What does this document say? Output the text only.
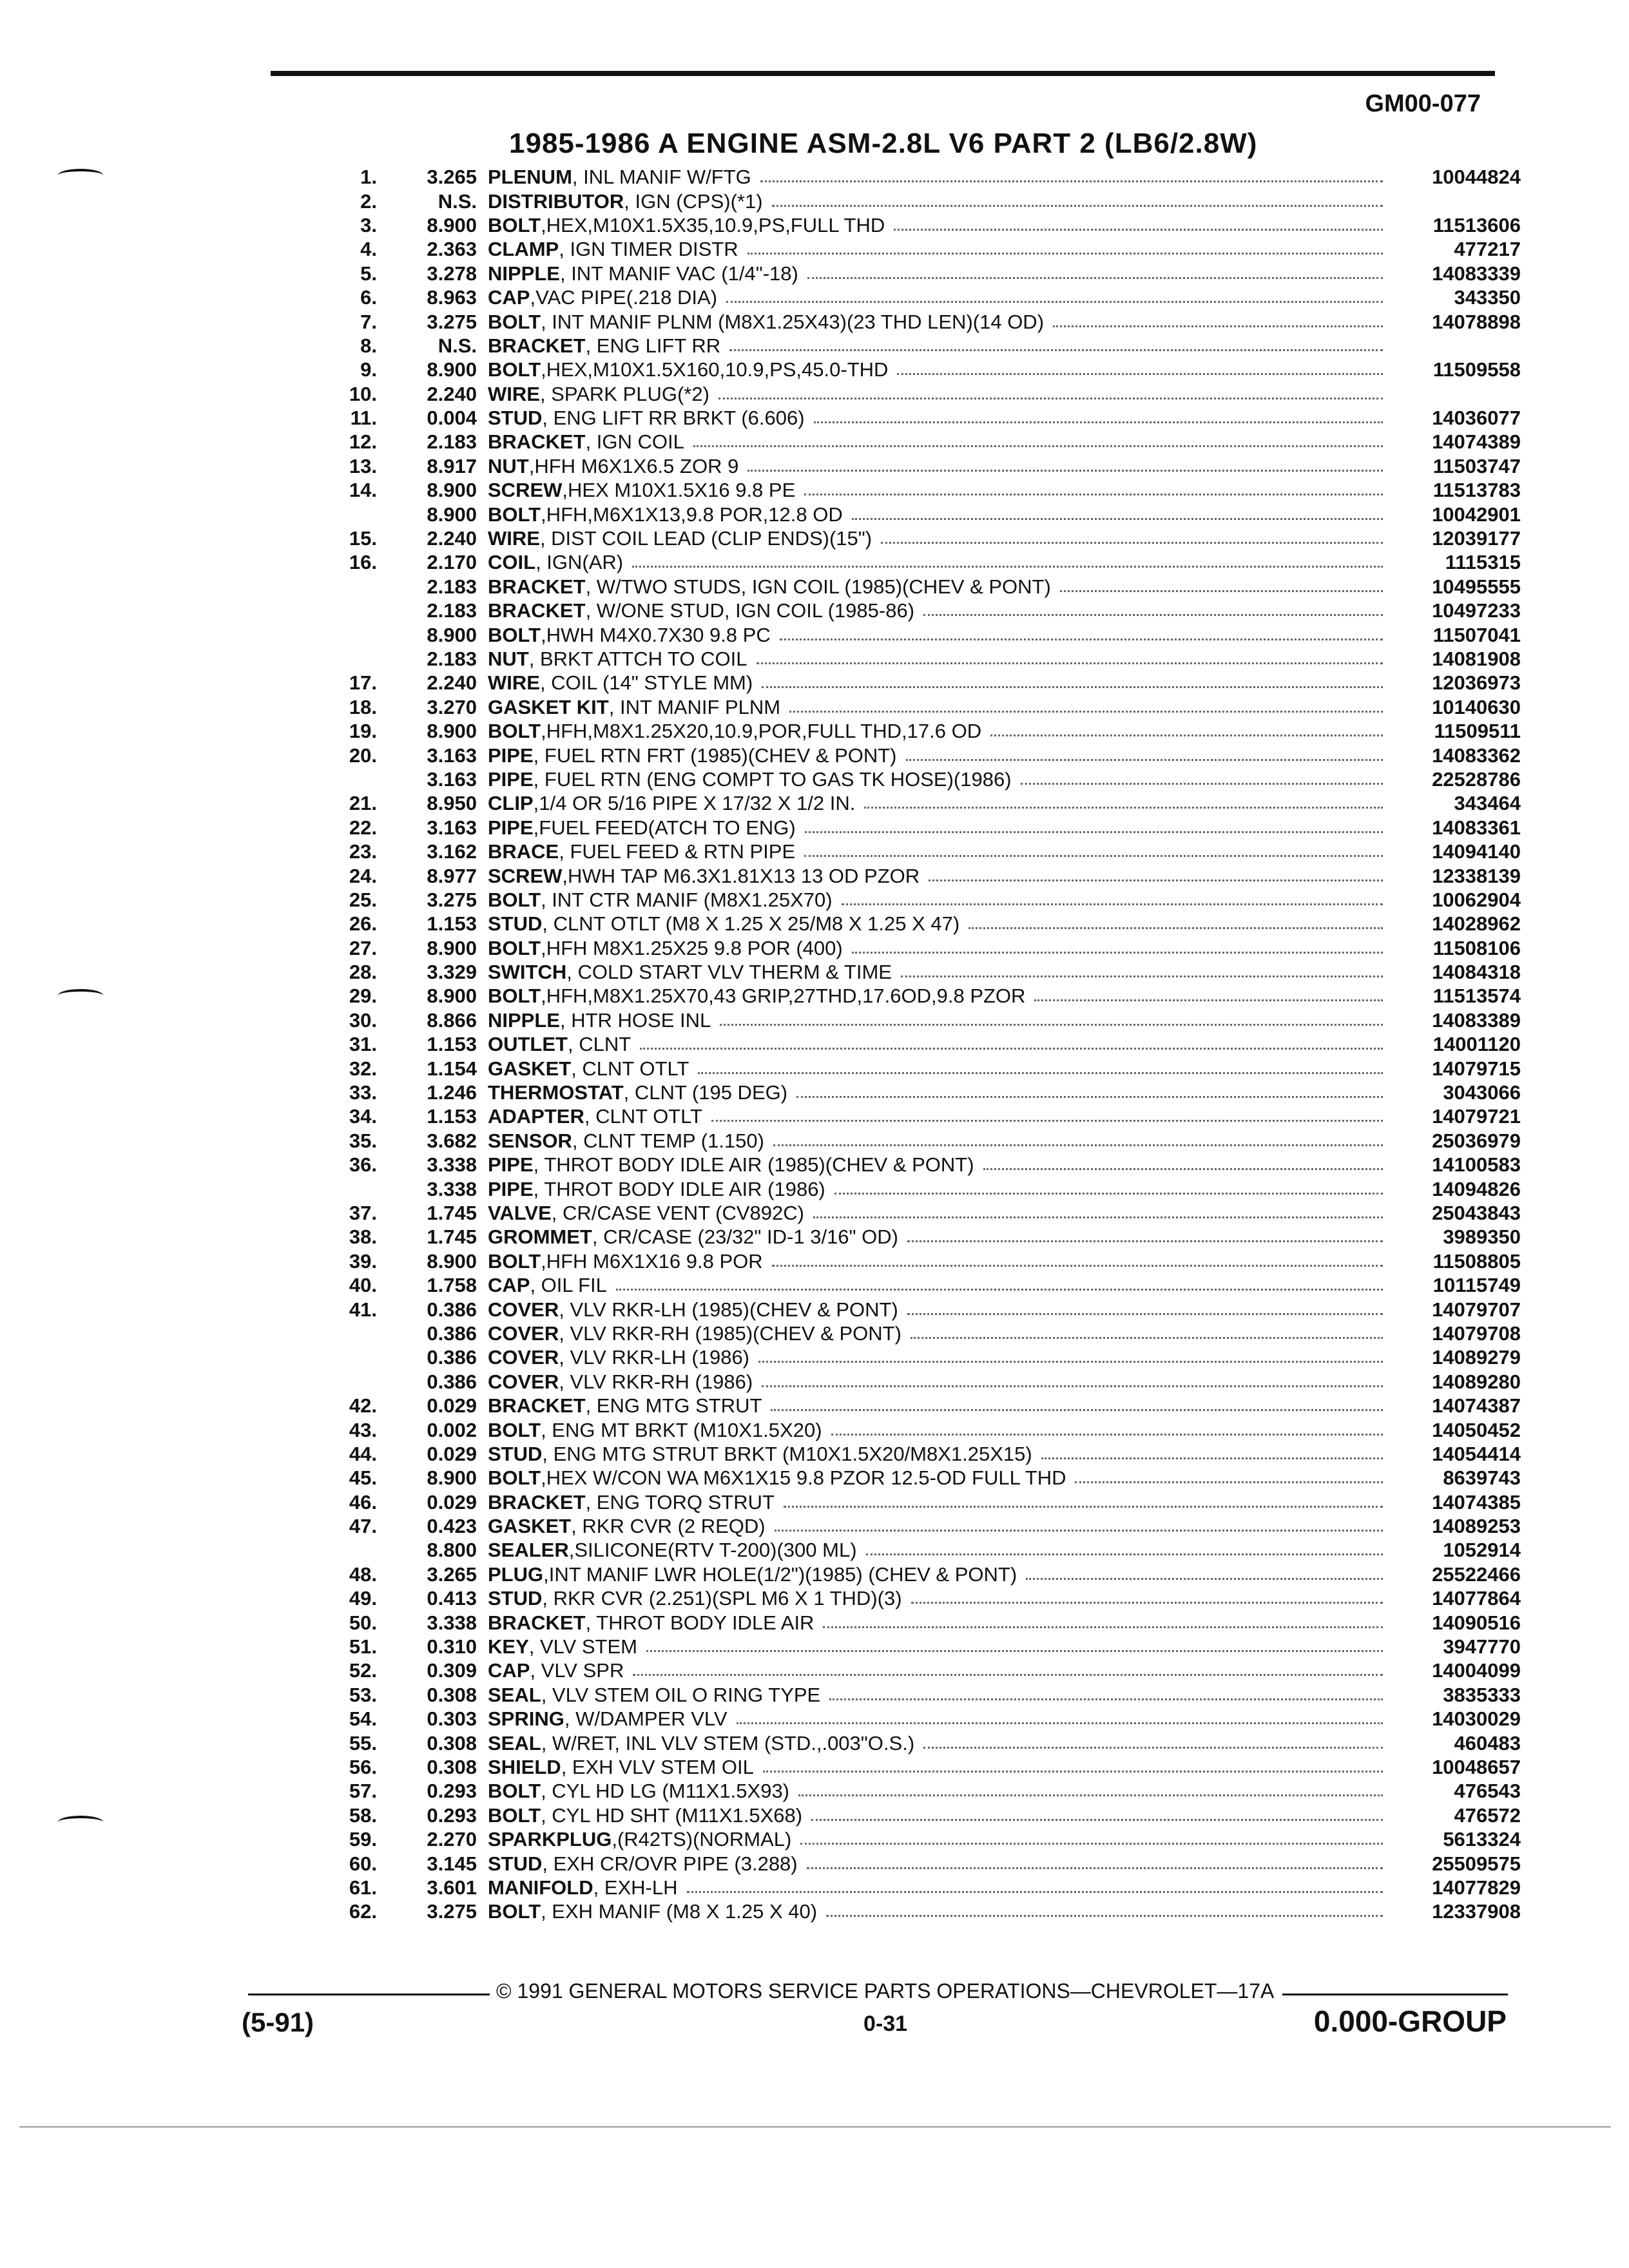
GM00-077
1985-1986 A ENGINE ASM-2.8L V6 PART 2 (LB6/2.8W)
1.	3.265 PLENUM , INL MANIF W/FTG	10044824
2.	N.S. DISTRIBUTOR , IGN (CPS)(*1)
3.	8.900 BOLT ,HEX,M10X1.5X35,10.9,PS,FULL THD	11513606
4.	2.363 CLAMP , IGN TIMER DISTR	477217
5.	3.278 NIPPLE , INT MANIF VAC (1/4"-18)	14083339
6.	8.963 CAP ,VAC PIPE(.218 DIA)	343350
7.	3.275 BOLT , INT MANIF PLNM (M8X1.25X43)(23 THD LEN)(14 OD)	14078898
8.	N.S. BRACKET , ENG LIFT RR
9.	8.900 BOLT ,HEX,M10X1.5X160,10.9,PS,45.0-THD	11509558
10.	2.240 WIRE , SPARK PLUG(*2)
11.	0.004 STUD , ENG LIFT RR BRKT (6.606)	14036077
12.	2.183 BRACKET , IGN COIL	14074389
13.	8.917 NUT ,HFH M6X1X6.5 ZOR 9	11503747
14.	8.900 SCREW ,HEX M10X1.5X16 9.8 PE	11513783
8.900 BOLT ,HFH,M6X1X13,9.8 POR,12.8 OD	10042901
15.	2.240 WIRE , DIST COIL LEAD (CLIP ENDS)(15")	12039177
16.	2.170 COIL , IGN(AR)	1115315
2.183 BRACKET , W/TWO STUDS, IGN COIL (1985)(CHEV & PONT)	10495555
2.183 BRACKET , W/ONE STUD, IGN COIL (1985-86)	10497233
8.900 BOLT ,HWH M4X0.7X30 9.8 PC	11507041
2.183 NUT , BRKT ATTCH TO COIL	14081908
17.	2.240 WIRE , COIL (14" STYLE MM)	12036973
18.	3.270 GASKET KIT , INT MANIF PLNM	10140630
19.	8.900 BOLT ,HFH,M8X1.25X20,10.9,POR,FULL THD,17.6 OD	11509511
20.	3.163 PIPE , FUEL RTN FRT (1985)(CHEV & PONT)	14083362
3.163 PIPE , FUEL RTN (ENG COMPT TO GAS TK HOSE)(1986)	22528786
21.	8.950 CLIP ,1/4 OR 5/16 PIPE X 17/32 X 1/2 IN.	343464
22.	3.163 PIPE ,FUEL FEED(ATCH TO ENG)	14083361
23.	3.162 BRACE , FUEL FEED & RTN PIPE	14094140
24.	8.977 SCREW ,HWH TAP M6.3X1.81X13 13 OD PZOR	12338139
25.	3.275 BOLT , INT CTR MANIF (M8X1.25X70)	10062904
26.	1.153 STUD , CLNT OTLT (M8 X 1.25 X 25/M8 X 1.25 X 47)	14028962
27.	8.900 BOLT ,HFH M8X1.25X25 9.8 POR (400)	11508106
28.	3.329 SWITCH , COLD START VLV THERM & TIME	14084318
29.	8.900 BOLT ,HFH,M8X1.25X70,43 GRIP,27THD,17.6OD,9.8 PZOR	11513574
30.	8.866 NIPPLE , HTR HOSE INL	14083389
31.	1.153 OUTLET , CLNT	14001120
32.	1.154 GASKET , CLNT OTLT	14079715
33.	1.246 THERMOSTAT , CLNT (195 DEG)	3043066
34.	1.153 ADAPTER , CLNT OTLT	14079721
35.	3.682 SENSOR , CLNT TEMP (1.150)	25036979
36.	3.338 PIPE , THROT BODY IDLE AIR (1985)(CHEV & PONT)	14100583
3.338 PIPE , THROT BODY IDLE AIR (1986)	14094826
37.	1.745 VALVE , CR/CASE VENT (CV892C)	25043843
38.	1.745 GROMMET , CR/CASE (23/32" ID-1 3/16" OD)	3989350
39.	8.900 BOLT ,HFH M6X1X16 9.8 POR	11508805
40.	1.758 CAP , OIL FIL	10115749
41.	0.386 COVER , VLV RKR-LH (1985)(CHEV & PONT)	14079707
0.386 COVER , VLV RKR-RH (1985)(CHEV & PONT)	14079708
0.386 COVER , VLV RKR-LH (1986)	14089279
0.386 COVER , VLV RKR-RH (1986)	14089280
42.	0.029 BRACKET , ENG MTG STRUT	14074387
43.	0.002 BOLT , ENG MT BRKT (M10X1.5X20)	14050452
44.	0.029 STUD , ENG MTG STRUT BRKT (M10X1.5X20/M8X1.25X15)	14054414
45.	8.900 BOLT ,HEX W/CON WA M6X1X15 9.8 PZOR 12.5-OD FULL THD	8639743
46.	0.029 BRACKET , ENG TORQ STRUT	14074385
47.	0.423 GASKET , RKR CVR (2 REQD)	14089253
8.800 SEALER ,SILICONE(RTV T-200)(300 ML)	1052914
48.	3.265 PLUG ,INT MANIF LWR HOLE(1/2")(1985) (CHEV & PONT)	25522466
49.	0.413 STUD , RKR CVR (2.251)(SPL M6 X 1 THD)(3)	14077864
50.	3.338 BRACKET , THROT BODY IDLE AIR	14090516
51.	0.310 KEY , VLV STEM	3947770
52.	0.309 CAP , VLV SPR	14004099
53.	0.308 SEAL , VLV STEM OIL O RING TYPE	3835333
54.	0.303 SPRING , W/DAMPER VLV	14030029
55.	0.308 SEAL , W/RET, INL VLV STEM (STD.,.003"O.S.)	460483
56.	0.308 SHIELD , EXH VLV STEM OIL	10048657
57.	0.293 BOLT , CYL HD LG (M11X1.5X93)	476543
58.	0.293 BOLT , CYL HD SHT (M11X1.5X68)	476572
59.	2.270 SPARKPLUG ,(R42TS)(NORMAL)	5613324
60.	3.145 STUD , EXH CR/OVR PIPE (3.288)	25509575
61.	3.601 MANIFOLD , EXH-LH	14077829
62.	3.275 BOLT , EXH MANIF (M8 X 1.25 X 40)	12337908
© 1991 GENERAL MOTORS SERVICE PARTS OPERATIONS—CHEVROLET—17A
(5-91)	0-31	0.000-GROUP
